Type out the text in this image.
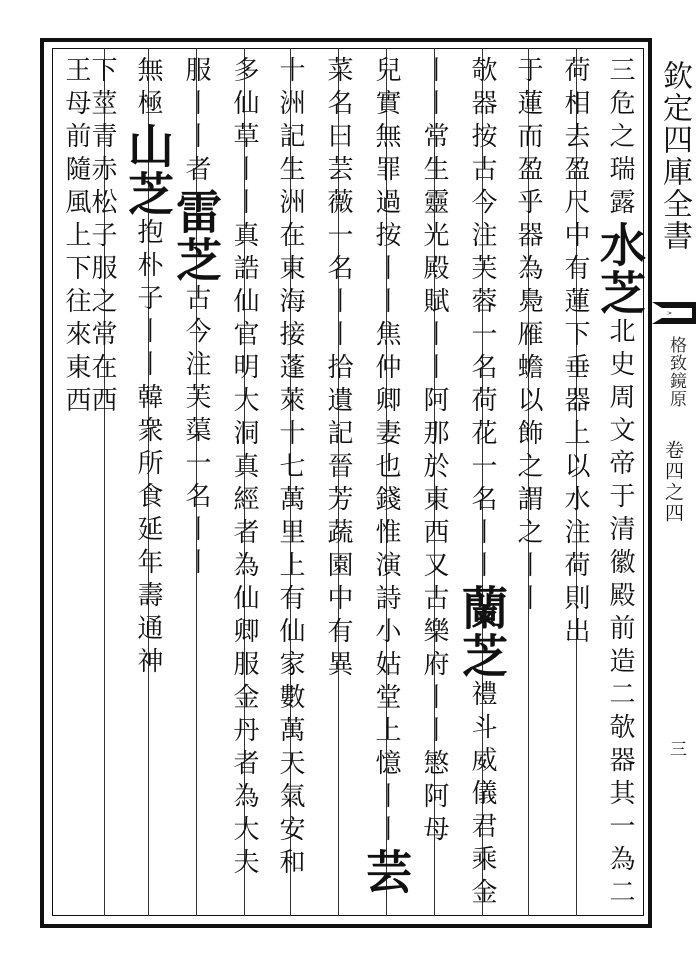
欽定四庫全書
格致鏡原
卷四之四
三
三危之瑞露水芝北史周文帝于清徽殿前造二欹器其一為二
荷相去盈尺中有蓮下垂器上以水注荷則出
于蓮而盈乎器為鳧雁蟾以飾之謂之丨丨
欹器按古今注芙蓉一名荷花一名丨丨蘭芝禮斗威儀君乘金
丨丨常生靈光殿賦丨丨阿那於東西又古樂府丨丨慜阿母
兒實無罪過按丨丨焦仲卿妻也錢惟演詩小姑堂上憶丨丨芸
菜名曰芸薇一名丨丨拾遺記晉芳蔬園中有異
十洲記生洲在東海接蓬萊十七萬里上有仙家數萬天氣安和
多仙草丨丨真誥仙官明大洞真經者為仙卿服金丹者為大夫
服丨丨者雷芝古今注芙蕖一名丨丨
無極山芝抱朴子丨丨韓衆所食延年壽通神
下莖青赤松子服之常在西
王母前隨風上下往來東西
